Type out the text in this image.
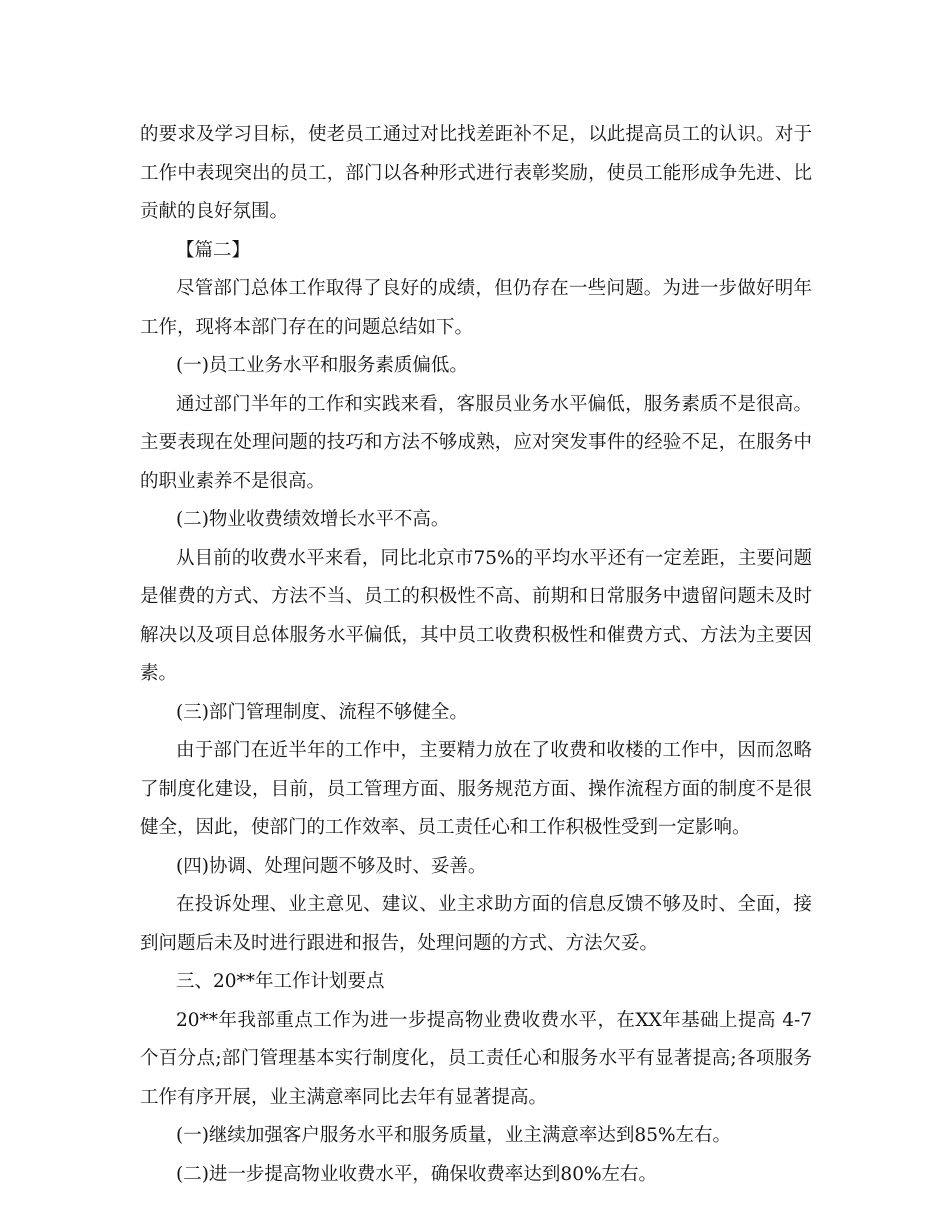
的要求及学习目标，使老员工通过对比找差距补不足，以此提高员工的认识。对于
工作中表现突出的员工，部门以各种形式进行表彰奖励，使员工能形成争先进、比
贡献的良好氛围。
【篇二】
尽管部门总体工作取得了良好的成绩，但仍存在一些问题。为进一步做好明年
工作，现将本部门存在的问题总结如下。
(一)员工业务水平和服务素质偏低。
通过部门半年的工作和实践来看，客服员业务水平偏低，服务素质不是很高。
主要表现在处理问题的技巧和方法不够成熟，应对突发事件的经验不足，在服务中
的职业素养不是很高。
(二)物业收费绩效增长水平不高。
从目前的收费水平来看，同比北京市75%的平均水平还有一定差距，主要问题
是催费的方式、方法不当、员工的积极性不高、前期和日常服务中遗留问题未及时
解决以及项目总体服务水平偏低，其中员工收费积极性和催费方式、方法为主要因
素。
(三)部门管理制度、流程不够健全。
由于部门在近半年的工作中，主要精力放在了收费和收楼的工作中，因而忽略
了制度化建设，目前，员工管理方面、服务规范方面、操作流程方面的制度不是很
健全，因此，使部门的工作效率、员工责任心和工作积极性受到一定影响。
(四)协调、处理问题不够及时、妥善。
在投诉处理、业主意见、建议、业主求助方面的信息反馈不够及时、全面，接
到问题后未及时进行跟进和报告，处理问题的方式、方法欠妥。
三、20**年工作计划要点
20**年我部重点工作为进一步提高物业费收费水平，在XX年基础上提高 4-7
个百分点;部门管理基本实行制度化，员工责任心和服务水平有显著提高;各项服务
工作有序开展，业主满意率同比去年有显著提高。
(一)继续加强客户服务水平和服务质量，业主满意率达到85%左右。
(二)进一步提高物业收费水平，确保收费率达到80%左右。
